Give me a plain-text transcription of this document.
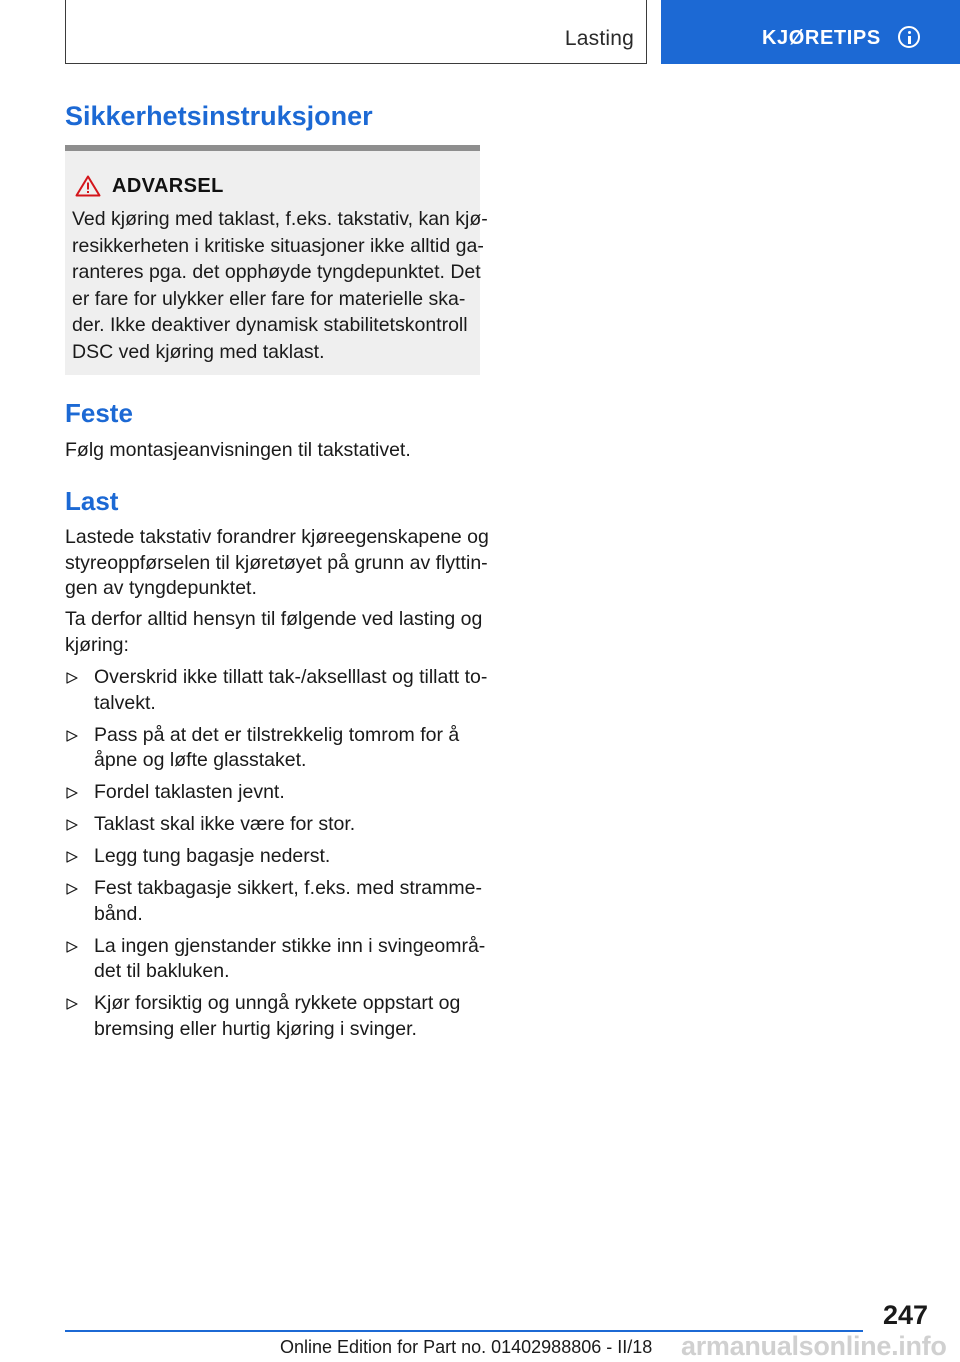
Lasting	KJØRETIPS
Sikkerhetsinstruksjoner
ADVARSEL
Ved kjøring med taklast, f.eks. takstativ, kan kjø-
resikkerheten i kritiske situasjoner ikke alltid ga-
ranteres pga. det opphøyde tyngdepunktet. Det
er fare for ulykker eller fare for materielle ska-
der. Ikke deaktiver dynamisk stabilitetskontroll
DSC ved kjøring med taklast.
Feste
Følg montasjeanvisningen til takstativet.
Last
Lastede takstativ forandrer kjøreegenskapene og
styreoppførselen til kjøretøyet på grunn av flyttin-
gen av tyngdepunktet.
Ta derfor alltid hensyn til følgende ved lasting og
kjøring:
Overskrid ikke tillatt tak-/akselllast og tillatt to-
talvekt.
Pass på at det er tilstrekkelig tomrom for å
åpne og løfte glasstaket.
Fordel taklasten jevnt.
Taklast skal ikke være for stor.
Legg tung bagasje nederst.
Fest takbagasje sikkert, f.eks. med stramme-
bånd.
La ingen gjenstander stikke inn i svingeområ-
det til bakluken.
Kjør forsiktig og unngå rykkete oppstart og
bremsing eller hurtig kjøring i svinger.
247
Online Edition for Part no. 01402988806 - II/18 armanualsonline.info
